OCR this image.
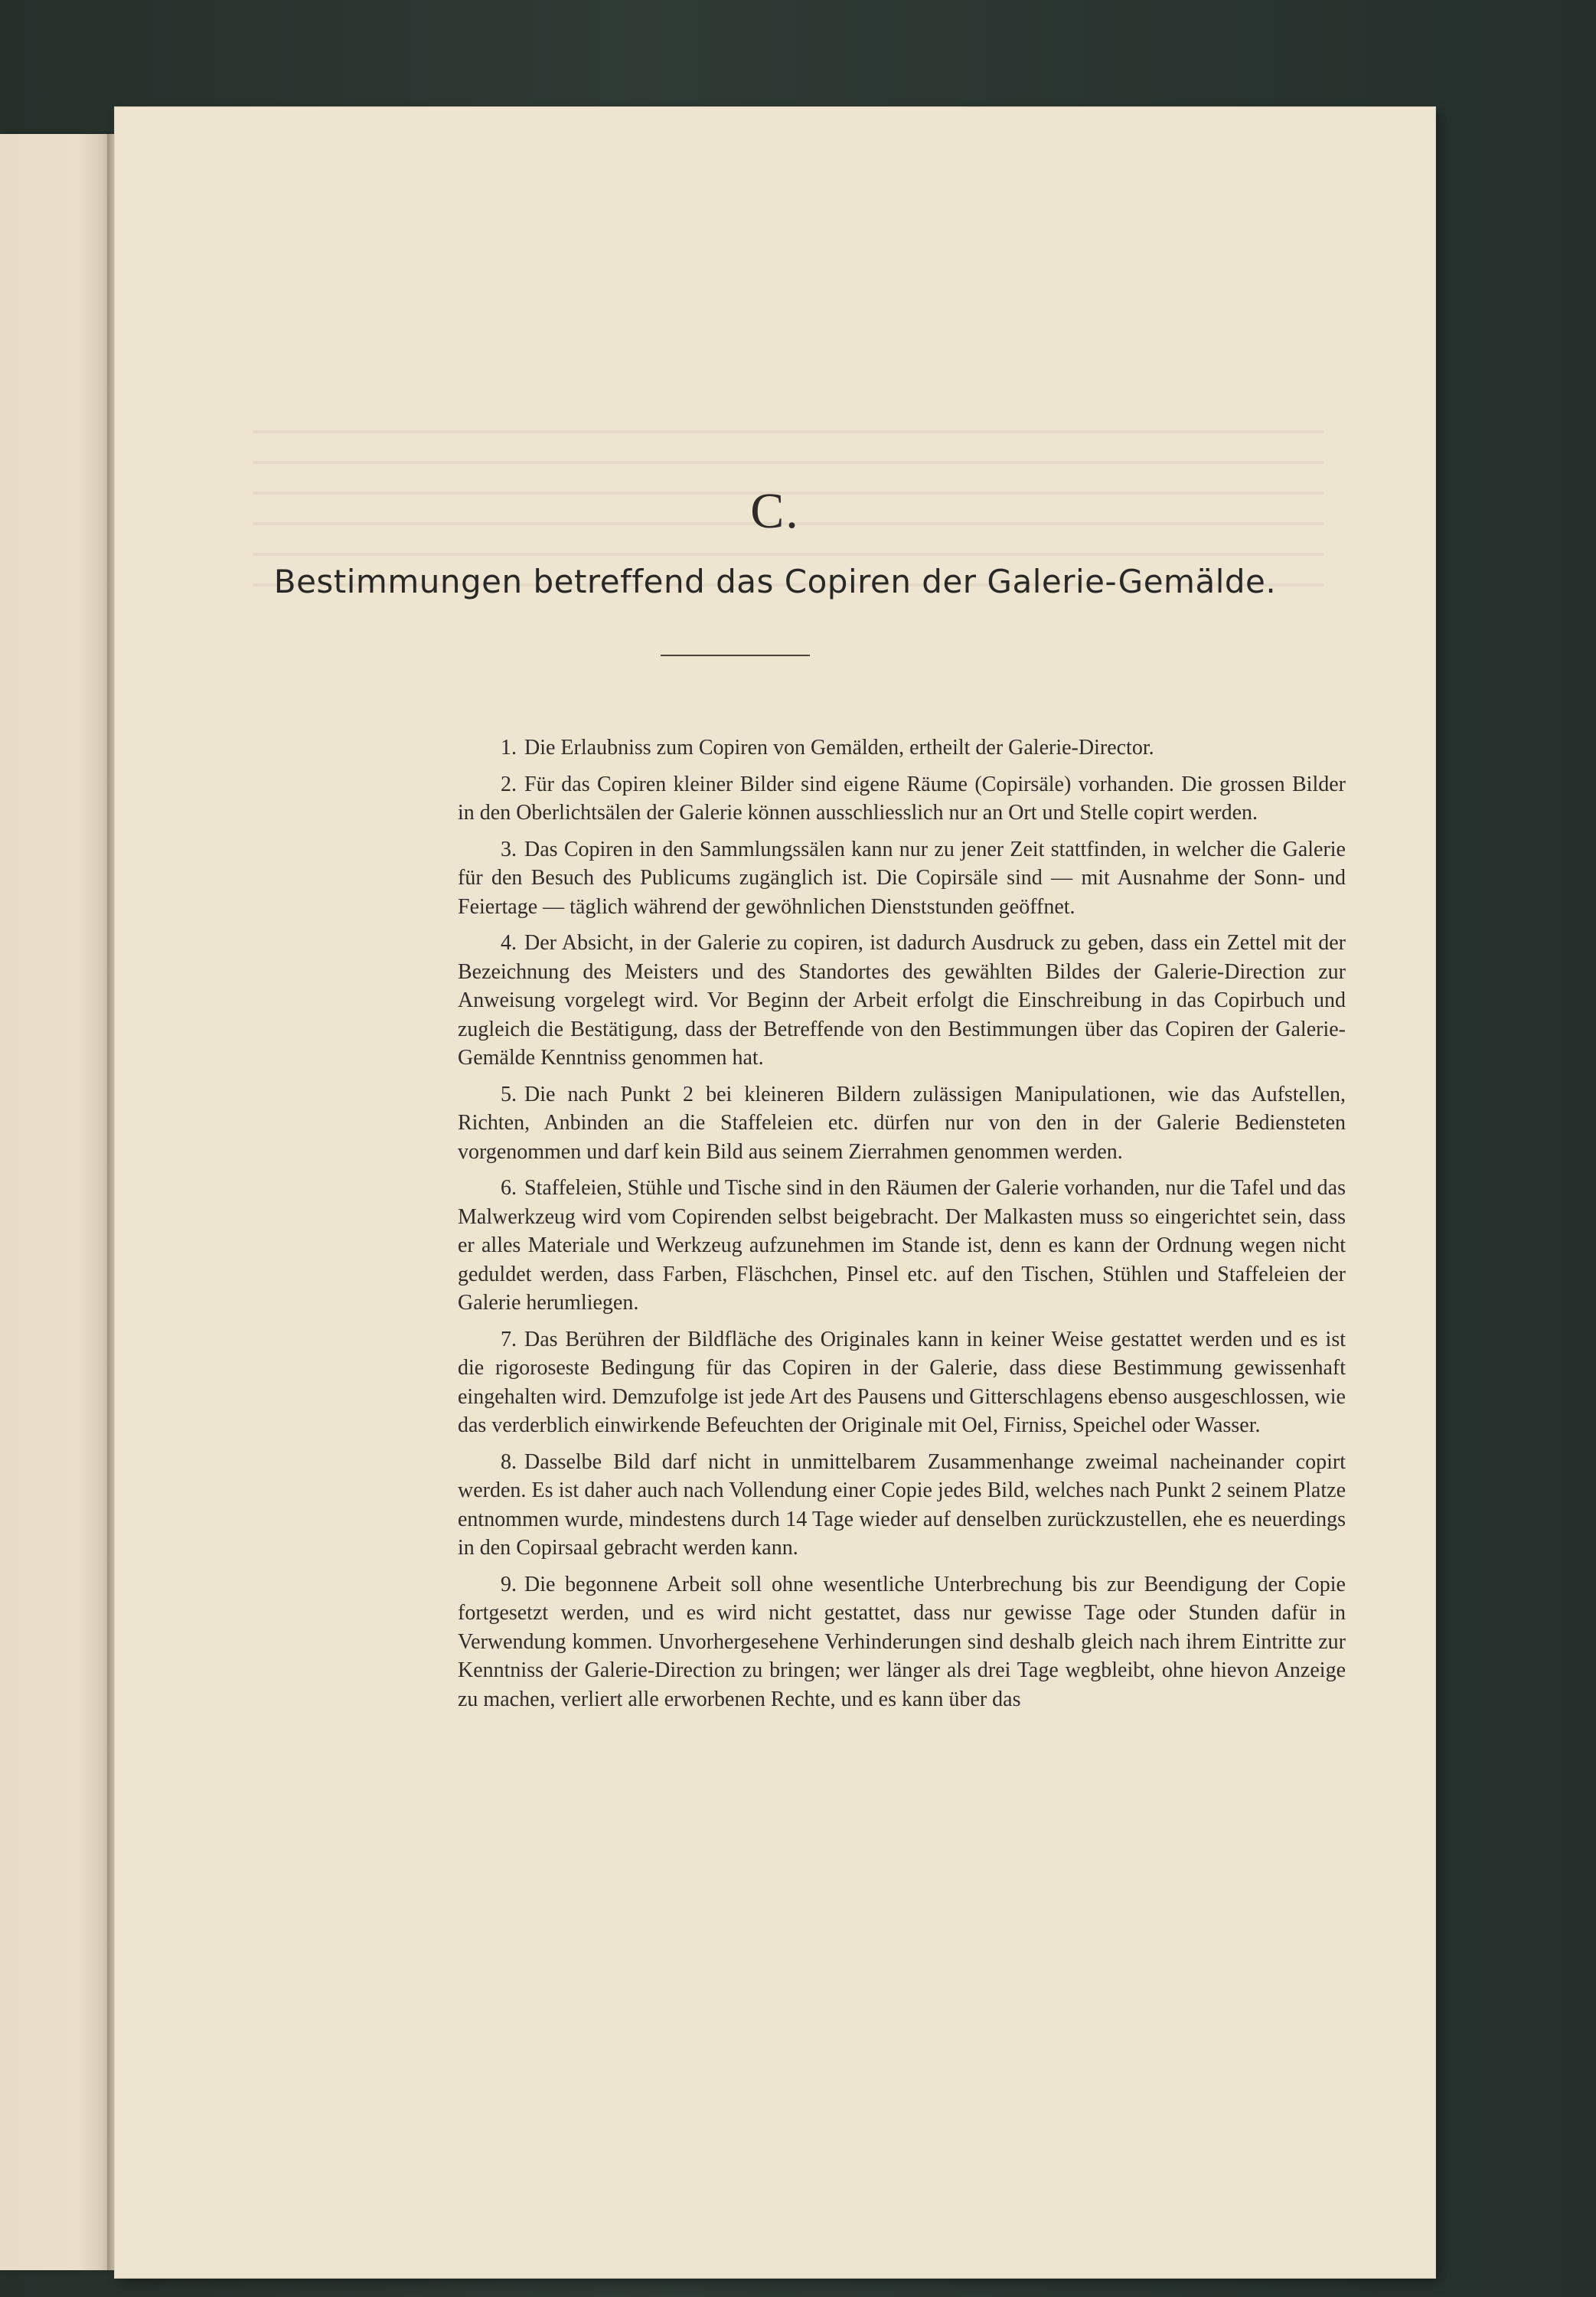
C.
Bestimmungen betreffend das Copiren der Galerie-Gemälde.

1. Die Erlaubniss zum Copiren von Gemälden, ertheilt der Galerie-Director.

2. Für das Copiren kleiner Bilder sind eigene Räume (Copirsäle) vorhanden. Die grossen Bilder in den Oberlichtsälen der Galerie können ausschliesslich nur an Ort und Stelle copirt werden.

3. Das Copiren in den Sammlungssälen kann nur zu jener Zeit stattfinden, in welcher die Galerie für den Besuch des Publicums zugänglich ist. Die Copirsäle sind — mit Ausnahme der Sonn- und Feiertage — täglich während der gewöhnlichen Dienststunden geöffnet.

4. Der Absicht, in der Galerie zu copiren, ist dadurch Ausdruck zu geben, dass ein Zettel mit der Bezeichnung des Meisters und des Standortes des gewählten Bildes der Galerie-Direction zur Anweisung vorgelegt wird. Vor Beginn der Arbeit erfolgt die Einschreibung in das Copirbuch und zugleich die Bestätigung, dass der Betreffende von den Bestimmungen über das Copiren der Galerie-Gemälde Kenntniss genommen hat.

5. Die nach Punkt 2 bei kleineren Bildern zulässigen Manipulationen, wie das Aufstellen, Richten, Anbinden an die Staffeleien etc. dürfen nur von den in der Galerie Bediensteten vorgenommen und darf kein Bild aus seinem Zierrahmen genommen werden.

6. Staffeleien, Stühle und Tische sind in den Räumen der Galerie vorhanden, nur die Tafel und das Malwerkzeug wird vom Copirenden selbst beigebracht. Der Malkasten muss so eingerichtet sein, dass er alles Materiale und Werkzeug aufzunehmen im Stande ist, denn es kann der Ordnung wegen nicht geduldet werden, dass Farben, Fläschchen, Pinsel etc. auf den Tischen, Stühlen und Staffeleien der Galerie herumliegen.

7. Das Berühren der Bildfläche des Originales kann in keiner Weise gestattet werden und es ist die rigoroseste Bedingung für das Copiren in der Galerie, dass diese Bestimmung gewissenhaft eingehalten wird. Demzufolge ist jede Art des Pausens und Gitterschlagens ebenso ausgeschlossen, wie das verderblich einwirkende Befeuchten der Originale mit Oel, Firniss, Speichel oder Wasser.

8. Dasselbe Bild darf nicht in unmittelbarem Zusammenhange zweimal nacheinander copirt werden. Es ist daher auch nach Vollendung einer Copie jedes Bild, welches nach Punkt 2 seinem Platze entnommen wurde, mindestens durch 14 Tage wieder auf denselben zurückzustellen, ehe es neuerdings in den Copirsaal gebracht werden kann.

9. Die begonnene Arbeit soll ohne wesentliche Unterbrechung bis zur Beendigung der Copie fortgesetzt werden, und es wird nicht gestattet, dass nur gewisse Tage oder Stunden dafür in Verwendung kommen. Unvorhergesehene Verhinderungen sind deshalb gleich nach ihrem Eintritte zur Kenntniss der Galerie-Direction zu bringen; wer länger als drei Tage wegbleibt, ohne hievon Anzeige zu machen, verliert alle erworbenen Rechte, und es kann über das
